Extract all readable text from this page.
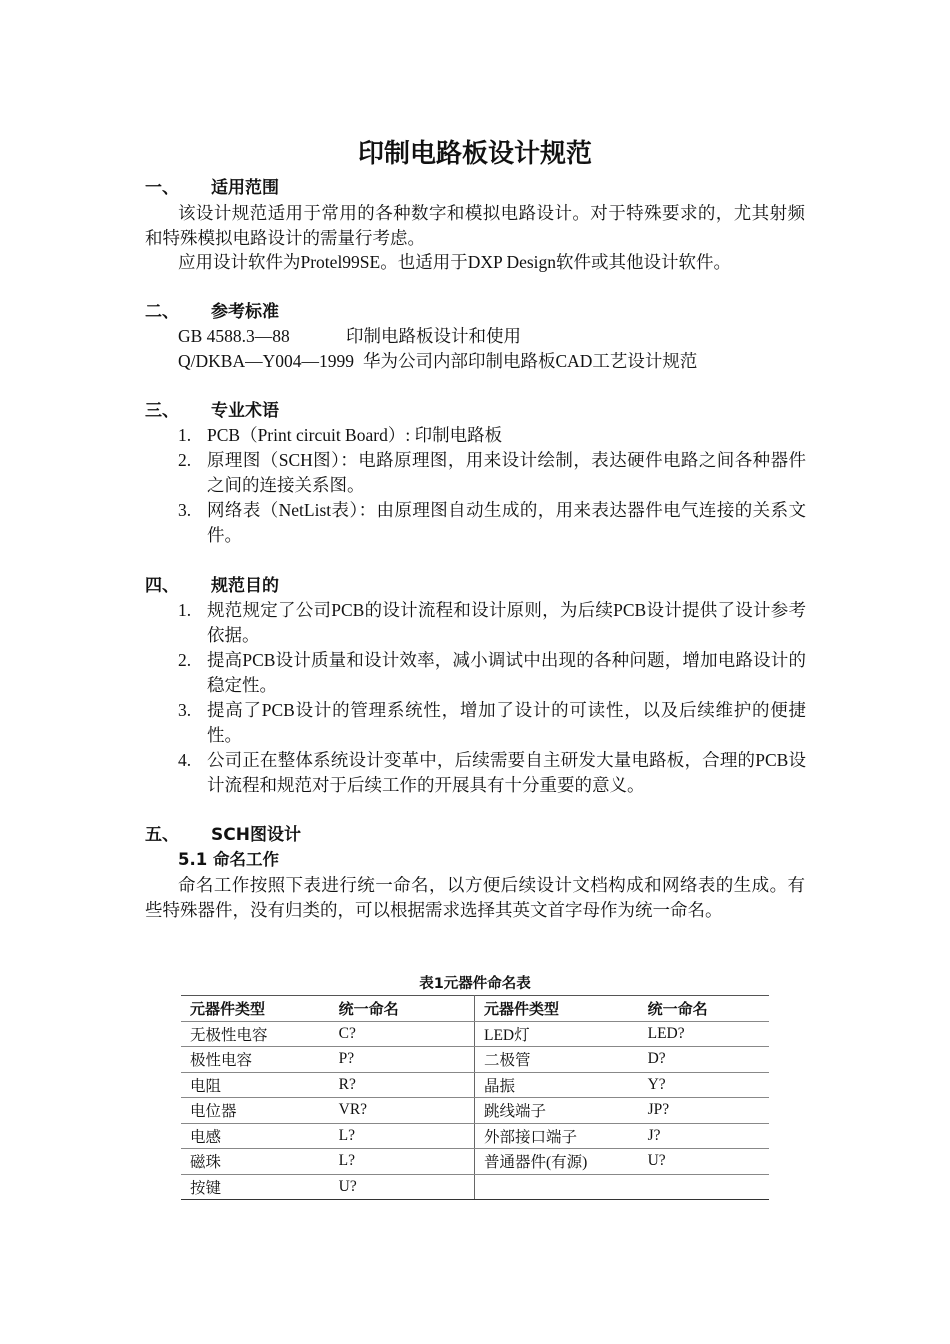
印制电路板设计规范
一、 适用范围
该设计规范适用于常用的各种数字和模拟电路设计。对于特殊要求的，尤其射频和特殊模拟电路设计的需量行考虑。
应用设计软件为Protel99SE。也适用于DXP Design软件或其他设计软件。
二、 参考标准
GB 4588.3—88	印制电路板设计和使用
Q/DKBA—Y004—1999 华为公司内部印制电路板CAD工艺设计规范
三、 专业术语
1. PCB（Print circuit Board）: 印制电路板
2. 原理图（SCH图）：电路原理图，用来设计绘制，表达硬件电路之间各种器件之间的连接关系图。
3. 网络表（NetList表）：由原理图自动生成的，用来表达器件电气连接的关系文件。
四、 规范目的
1. 规范规定了公司PCB的设计流程和设计原则，为后续PCB设计提供了设计参考依据。
2. 提高PCB设计质量和设计效率，减小调试中出现的各种问题，增加电路设计的稳定性。
3. 提高了PCB设计的管理系统性，增加了设计的可读性，以及后续维护的便捷性。
4. 公司正在整体系统设计变革中，后续需要自主研发大量电路板，合理的PCB设计流程和规范对于后续工作的开展具有十分重要的意义。
五、 SCH图设计
5.1 命名工作
命名工作按照下表进行统一命名，以方便后续设计文档构成和网络表的生成。有些特殊器件，没有归类的，可以根据需求选择其英文首字母作为统一命名。
表1元器件命名表
元器件类型	统一命名	元器件类型	统一命名
无极性电容	C?	LED灯	LED?
极性电容	P?	二极管	D?
电阻	R?	晶振	Y?
电位器	VR?	跳线端子	JP?
电感	L?	外部接口端子	J?
磁珠	L?	普通器件(有源)	U?
按键	U?		
